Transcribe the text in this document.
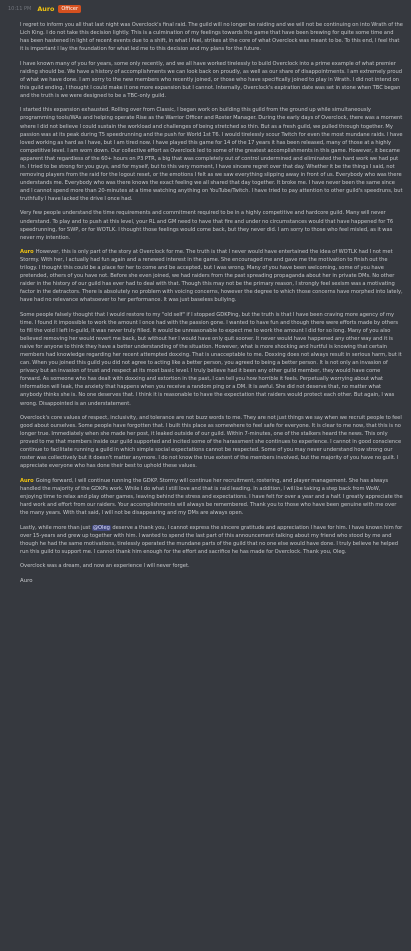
10:11 PM Auro	Officer

I regret to inform you all that last night was Overclock's final raid. The guild will no longer be raiding and we will not be continuing on into Wrath of the Lich King. I do not take this decision lightly. This is a culmination of my feelings towards the game that have been brewing for quite some time and has been hastened in light of recent events due to a shift, in what I feel, strikes at the core of what Overclock was meant to be. To this end, I feel that it is important I lay the foundation for what led me to this decision and my plans for the future.

I have known many of you for years, some only recently, and we all have worked tirelessly to build Overclock into a prime example of what premier raiding should be. We have a history of accomplishments we can look back on proudly, as well as our share of disappointments. I am extremely proud of what we have done. I am sorry to the new members who recently joined, or those who have specifically joined to play in Wrath. I did not intend on this guild ending, I thought I could make it one more expansion but I cannot. Internally, Overclock's expiration date was set in stone when TBC began and the truth is we were designed to be a TBC-only guild.

I started this expansion exhausted. Rolling over from Classic, I began work on building this guild from the ground up while simultaneously programming tools/WAs and helping operate Rise as the Warrior Officer and Roster Manager. During the early days of Overclock, there was a moment where I did not believe I could sustain the workload and challenges of being stretched so thin. But as a fresh guild, we pulled through together. My passion was at its peak during T5 speedrunning and the push for World 1st T6. I would tirelessly scour Twitch for even the most mundane raids. I have loved working as hard as I have, but I am tired now. I have played this game for 14 of the 17 years it has been released, many of those at a highly competitive level. I am worn down. Our collective effort as Overclock led to some of the greatest accomplishments in this game. However, it became apparent that regardless of the 60+ hours on P3 PTR, a big that was completely out of control undermined and eliminated the hard work we had put in. I tried to be strong for you guys, and for myself, but to this very moment, I have sincere regret over that day. Whether it be the things I said, not removing players from the raid for the logout reset, or the emotions I felt as we saw everything slipping away in front of us. Everybody who was there understands me. Everybody who was there knows the exact feeling we all shared that day together. It broke me. I have never been the same since and I cannot spend more than 20-minutes at a time watching anything on YouTube/Twitch. I have tried to pay attention to other guild's speedruns, but truthfully I have lacked the drive I once had.

Very few people understand the time requirements and commitment required to be in a highly competitive and hardcore guild. Many will never understand. To play and to push at this level, your RL and GM need to have that fire and under no circumstances would that have happened for T6 speedrunning, for SWP, or for WOTLK. I thought those feelings would come back, but they never did. I am sorry to those who feel misled, as it was never my intention.

Auro However, this is only part of the story at Overclock for me. The truth is that I never would have entertained the idea of WOTLK had I not met Stormy. With her, I actually had fun again and a renewed interest in the game. She encouraged me and gave me the motivation to finish out the trilogy. I thought this could be a place for her to come and be accepted, but I was wrong. Many of you have been welcoming, some of you have pretended, others of you have not. Before she even joined, we had raiders from the past spreading propaganda about her in private DMs. No other raider in the history of our guild has ever had to deal with that. Though this may not be the primary reason, I strongly feel sexism was a motivating factor in the detractors. There is absolutely no problem with voicing concerns, however the degree to which those concerns have morphed into lately, have had no relevance whatsoever to her performance. It was just baseless bullying.

Some people falsely thought that I would restore to my "old self" if I stopped GDKPing, but the truth is that I have been craving more agency of my time. I found it impossible to work the amount I once had with the passion gone. I wanted to have fun and though there were efforts made by others to fill the void I left in-guild, it was never truly filled. It would be unreasonable to expect me to work the amount I did for so long. Many of you also believed removing her would revert me back, but without her I would have only quit sooner. It never would have happened any other way and it is naive for anyone to think they have a better understanding of the situation. However, what is more shocking and hurtful is knowing that certain members had knowledge regarding her recent attempted doxxing. That is unacceptable to me. Doxxing does not always result in serious harm, but it can. When you joined this guild you did not agree to acting like a better person, you agreed to being a better person. It is not only an invasion of privacy but an invasion of trust and respect at its most basic level. I truly believe had it been any other guild member, they would have come forward. As someone who has dealt with doxxing and extortion in the past, I can tell you how horrible it feels. Perpetually worrying about what information will leak, the anxiety that happens when you receive a random ping or a DM. It is awful. She did not deserve that, no matter what anybody thinks she is. No one deserves that. I think it is reasonable to have the expectation that raiders would protect each other. But again, I was wrong. Disappointed is an understatement.

Overclock's core values of respect, inclusivity, and tolerance are not buzz words to me. They are not just things we say when we recruit people to feel good about ourselves. Some people have forgotten that. I built this place as somewhere to feel safe for everyone. It is clear to me now, that this is no longer true. Immediately when she made her post, it leaked outside of our guild. Within 7-minutes, one of the stalkers heard the news. This only proved to me that members inside our guild supported and incited some of the harassment she continues to experience. I cannot in good conscience continue to facilitate running a guild in which simple social expectations cannot be respected. Some of you may never understand how strong our roster was collectively but it doesn't matter anymore. I do not know the true extent of the members involved, but the majority of you have no guilt. I appreciate everyone who has done their best to uphold these values.

Auro Going forward, I will continue running the GDKP. Stormy will continue her recruitment, rostering, and player management. She has always handled the majority of the GDKPs work. While I do what I still love and that is raid leading. In addition, I will be taking a step back from WoW, enjoying time to relax and play other games, leaving behind the stress and expectations. I have felt for over a year and a half. I greatly appreciate the hard work and effort from our raiders. Your accomplishments will always be remembered. Thank you to those who have been genuine with me over the many years. With that said, I will not be disappearing and my DMs are always open.

Lastly, while more than just @Oleg deserve a thank you, I cannot express the sincere gratitude and appreciation I have for him. I have known him for over 15-years and grew up together with him. I wanted to spend the last part of this announcement talking about my friend who stood by me and though he had the same motivations, tirelessly operated the mundane parts of the guild that no one else would have done. I truly believe he helped run this guild to support me. I cannot thank him enough for the effort and sacrifice he has made for Overclock. Thank you, Oleg.

Overclock was a dream, and now an experience I will never forget.

Auro
